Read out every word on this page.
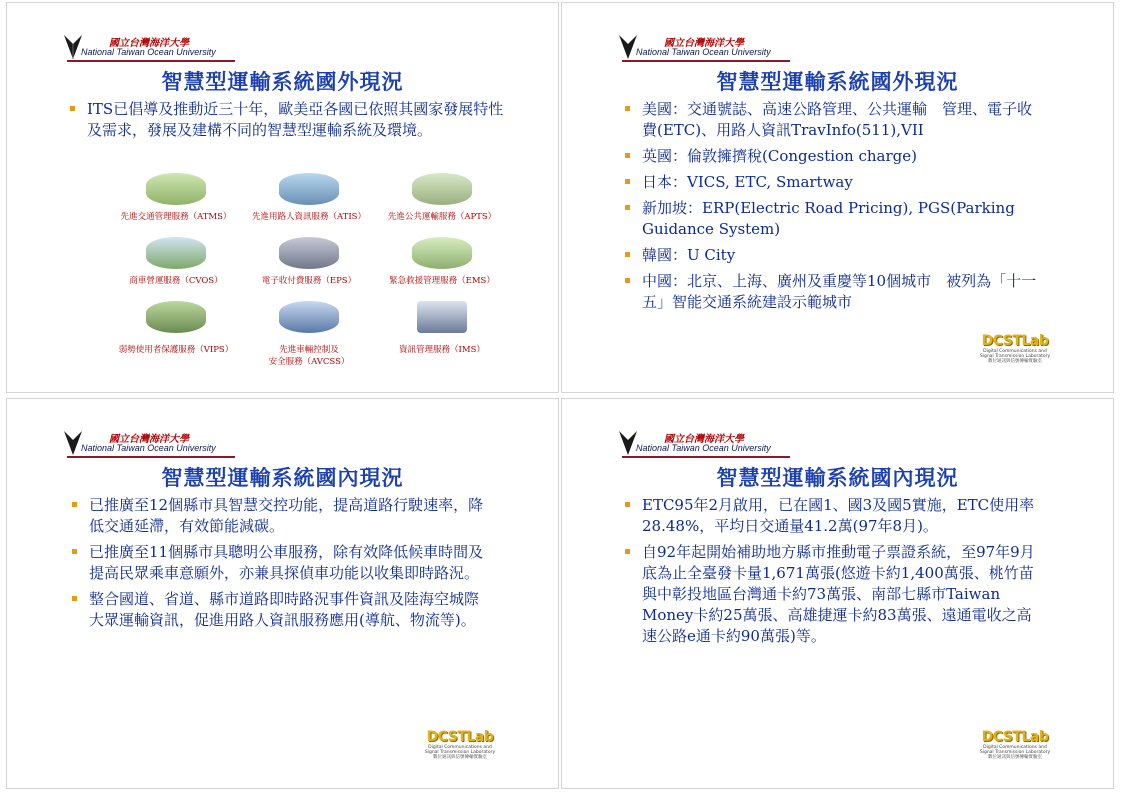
國立台灣海洋大學
National Taiwan Ocean University
智慧型運輸系統國外現況
ITS已倡導及推動近三十年，歐美亞各國已依照其國家發展特性及需求，發展及建構不同的智慧型運輸系統及環境。
先進交通管理服務（ATMS）	先進用路人資訊服務（ATIS）	先進公共運輸服務（APTS）
商車營運服務（CVOS）	電子收付費服務（EPS）	緊急救援管理服務（EMS）
弱勢使用者保護服務（VIPS）	先進車輛控制及
安全服務（AVCSS）
資訊管理服務（IMS）
國立台灣海洋大學
National Taiwan Ocean University
智慧型運輸系統國外現況
美國：交通號誌、高速公路管理、公共運輸　管理、電子收費(ETC)、用路人資訊TravInfo(511),VII
英國：倫敦擁擠稅(Congestion charge)
日本：VICS, ETC, Smartway
新加坡：ERP(Electric Road Pricing), PGS(Parking Guidance System)
韓國：U City
中國：北京、上海、廣州及重慶等10個城市　被列為「十一五」智能交通系統建設示範城市
DCSTLab
Digital Communications and
Signal Transmission Laboratory
數位通訊與信號傳輸實驗室
國立台灣海洋大學
National Taiwan Ocean University
智慧型運輸系統國內現況
已推廣至12個縣市具智慧交控功能，提高道路行駛速率，降低交通延滯，有效節能減碳。
已推廣至11個縣市具聰明公車服務，除有效降低候車時間及提高民眾乘車意願外，亦兼具探偵車功能以收集即時路況。
整合國道、省道、縣市道路即時路況事件資訊及陸海空城際大眾運輸資訊，促進用路人資訊服務應用(導航、物流等)。
DCSTLab
Digital Communications and
Signal Transmission Laboratory
數位通訊與信號傳輸實驗室
國立台灣海洋大學
National Taiwan Ocean University
智慧型運輸系統國內現況
ETC95年2月啟用，已在國1、國3及國5實施，ETC使用率28.48%，平均日交通量41.2萬(97年8月)。
自92年起開始補助地方縣市推動電子票證系統，至97年9月底為止全臺發卡量1,671萬張(悠遊卡約1,400萬張、桃竹苗與中彰投地區台灣通卡約73萬張、南部七縣市Taiwan Money卡約25萬張、高雄捷運卡約83萬張、遠通電收之高速公路e通卡約90萬張)等。
DCSTLab
Digital Communications and
Signal Transmission Laboratory
數位通訊與信號傳輸實驗室
